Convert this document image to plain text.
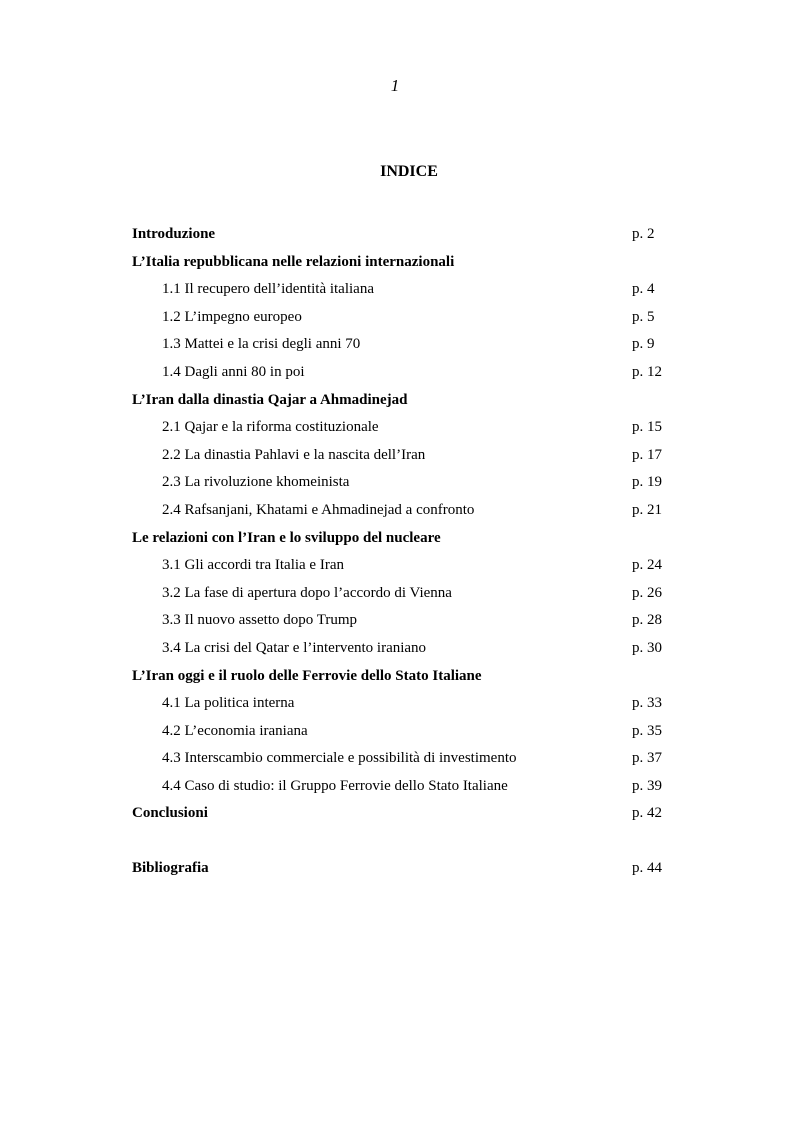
1
INDICE
Introduzione	p. 2
L’Italia repubblicana nelle relazioni internazionali
1.1 Il recupero dell’identità italiana	p. 4
1.2 L’impegno europeo	p. 5
1.3 Mattei e la crisi degli anni 70	p. 9
1.4 Dagli anni 80 in poi	p. 12
L’Iran dalla dinastia Qajar a Ahmadinejad
2.1 Qajar e la riforma costituzionale	p. 15
2.2 La dinastia Pahlavi e la nascita dell’Iran	p. 17
2.3 La rivoluzione khomeinista	p. 19
2.4 Rafsanjani, Khatami e Ahmadinejad a confronto	p. 21
Le relazioni con l’Iran e lo sviluppo del nucleare
3.1 Gli accordi tra Italia e Iran	p. 24
3.2 La fase di apertura dopo l’accordo di Vienna	p. 26
3.3 Il nuovo assetto dopo Trump	p. 28
3.4 La crisi del Qatar e l’intervento iraniano	p. 30
L’Iran oggi e il ruolo delle Ferrovie dello Stato Italiane
4.1 La politica interna	p. 33
4.2 L’economia iraniana	p. 35
4.3 Interscambio commerciale e possibilità di investimento	p. 37
4.4 Caso di studio: il Gruppo Ferrovie dello Stato Italiane	p. 39
Conclusioni	p. 42
Bibliografia	p. 44
